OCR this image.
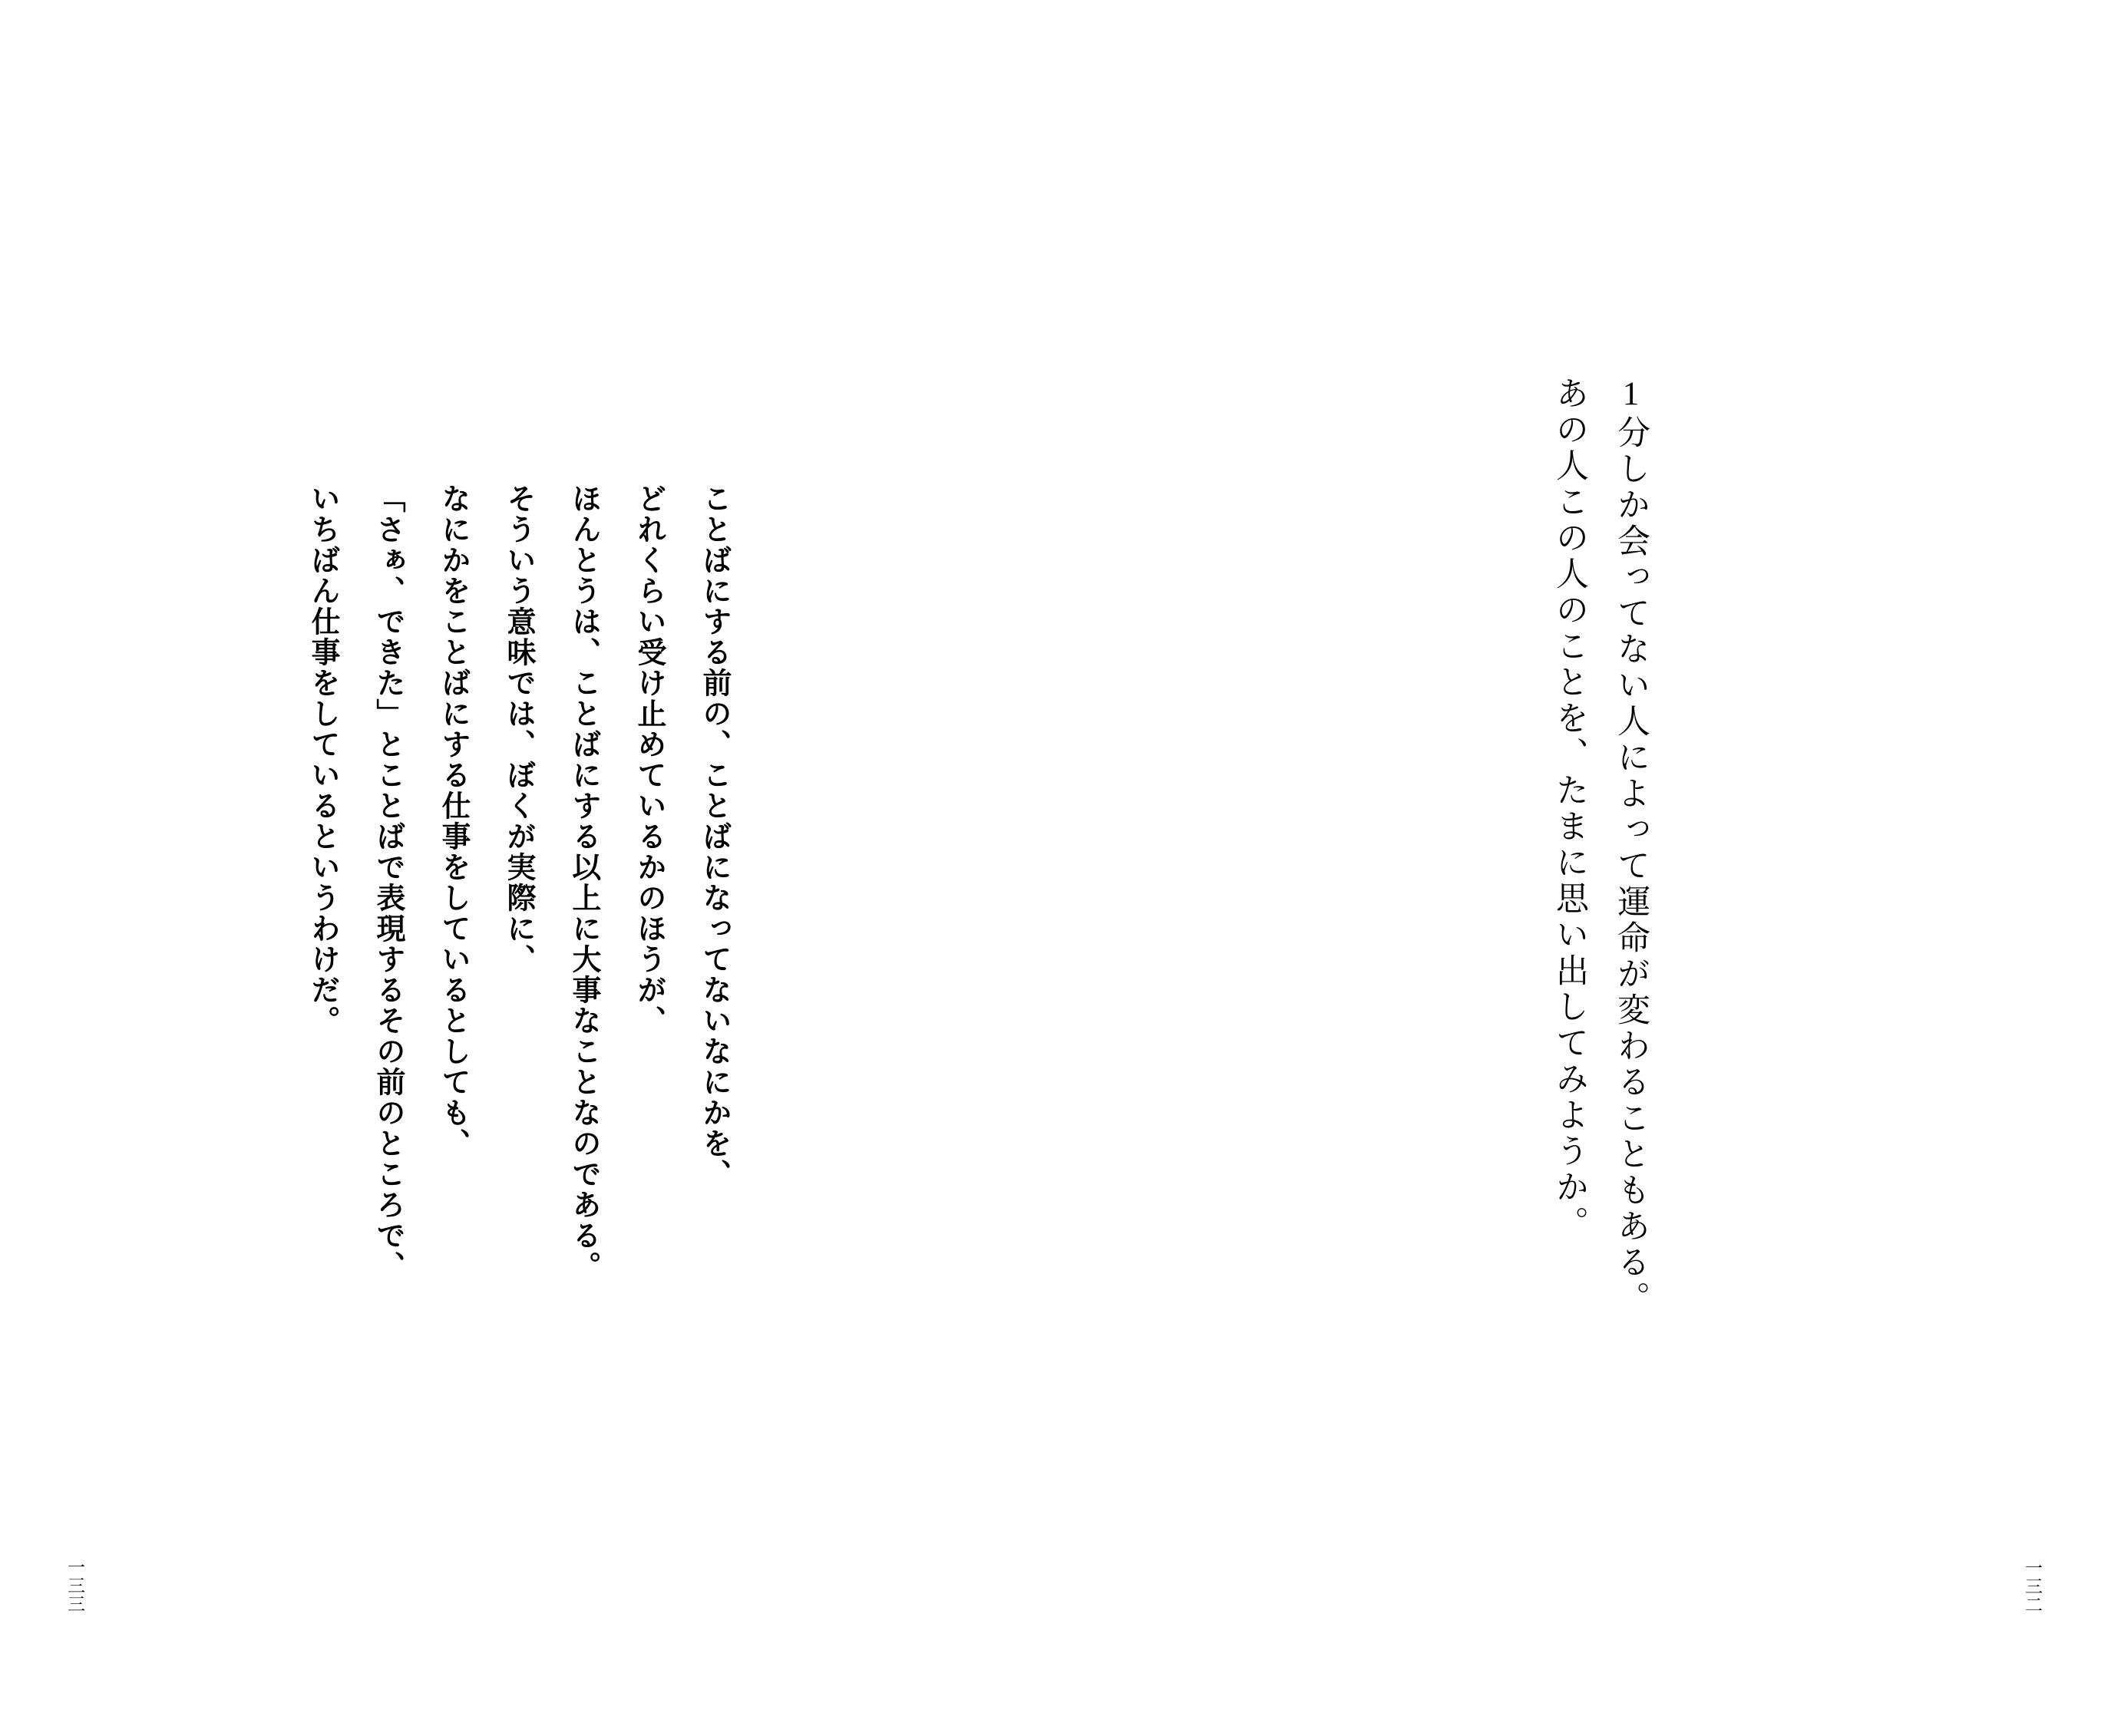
1分しか会ってない人によって運命が変わることもある。

あの人この人のことを、たまに思い出してみようか。

ことばにする前の、ことばになってないなにかを、

どれくらい受け止めているかのほうが、

ほんとうは、ことばにする以上に大事なことなのである。

そういう意味では、ぼくが実際に、

なにかをことばにする仕事をしているとしても、

「さぁ、できた」とことばで表現するその前のところで、

いちばん仕事をしているというわけだ。

一三三	一三二
